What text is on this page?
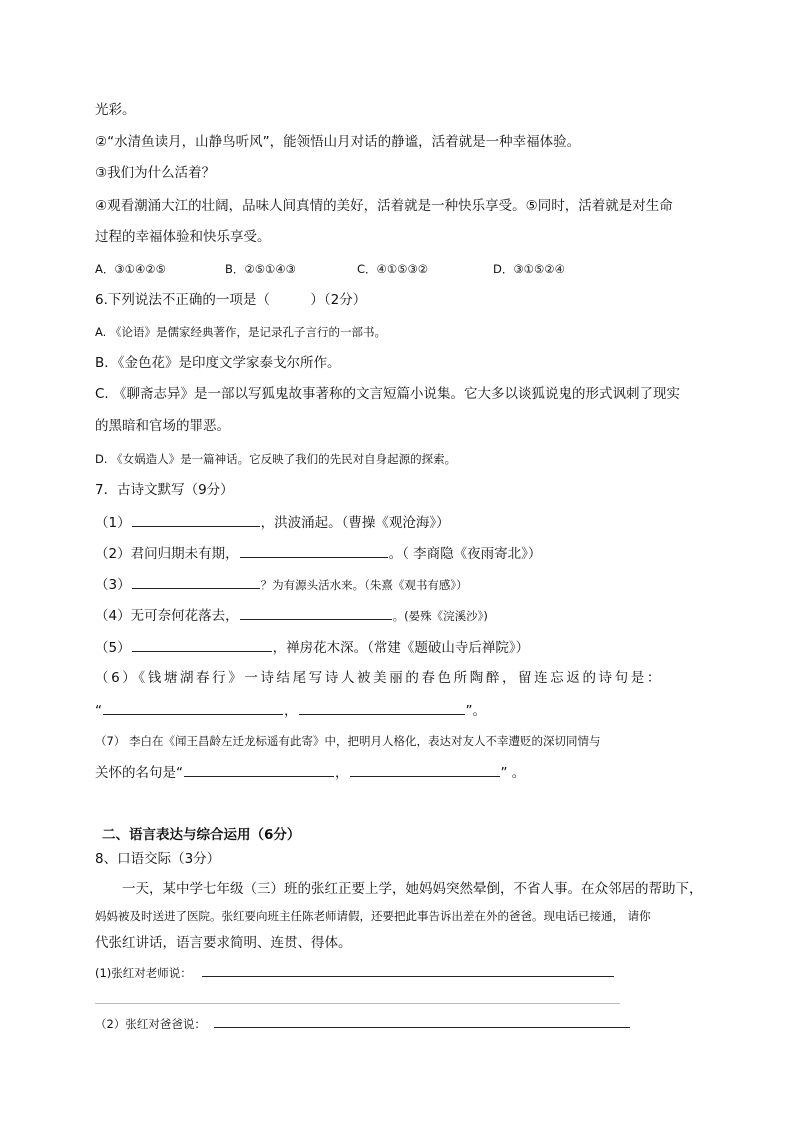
光彩。
②“水清鱼读月，山静鸟听风”，能领悟山月对话的静谧，活着就是一种幸福体验。
③我们为什么活着？
④观看潮涌大江的壮阔，品味人间真情的美好，活着就是一种快乐享受。⑤同时，活着就是对生命
过程的幸福体验和快乐享受。
A．③①④②⑤	B．②⑤①④③	C．④①⑤③②	D．③①⑤②④
6.下列说法不正确的一项是（　　　）（2分）
A. 《论语》是儒家经典著作，是记录孔子言行的一部书。
B．《金色花》是印度文学家泰戈尔所作。
C. 《聊斋志异》是一部以写狐鬼故事著称的文言短篇小说集。它大多以谈狐说鬼的形式讽刺了现实
的黑暗和官场的罪恶。
D. 《女娲造人》是一篇神话。它反映了我们的先民对自身起源的探索。
7．古诗文默写（9分）
（1）	，洪波涌起。（曹操《观沧海》）
（2）君问归期未有期，	。（ 李商隐《夜雨寄北》）
（3）	？为有源头活水来。（朱熹《观书有感》）
（4）无可奈何花落去，	。(晏殊《浣溪沙》)
（5）	，禅房花木深。（常建《题破山寺后禅院》）
（6）《钱塘湖春行》一诗结尾写诗人被美丽的春色所陶醉，留连忘返的诗句是：
“	，	”。
（7） 李白在《闻王昌龄左迁龙标遥有此寄》中，把明月人格化，表达对友人不幸遭贬的深切同情与
关怀的名句是“	，	” 。
二、语言表达与综合运用（6分）
8、口语交际（3分）
一天，某中学七年级（三）班的张红正要上学，她妈妈突然晕倒，不省人事。在众邻居的帮助下，
妈妈被及时送进了医院。张红要向班主任陈老师请假，还要把此事告诉出差在外的爸爸。现电话已接通， 请你
代张红讲话，语言要求简明、连贯、得体。
(1)张红对老师说：
（2）张红对爸爸说：
